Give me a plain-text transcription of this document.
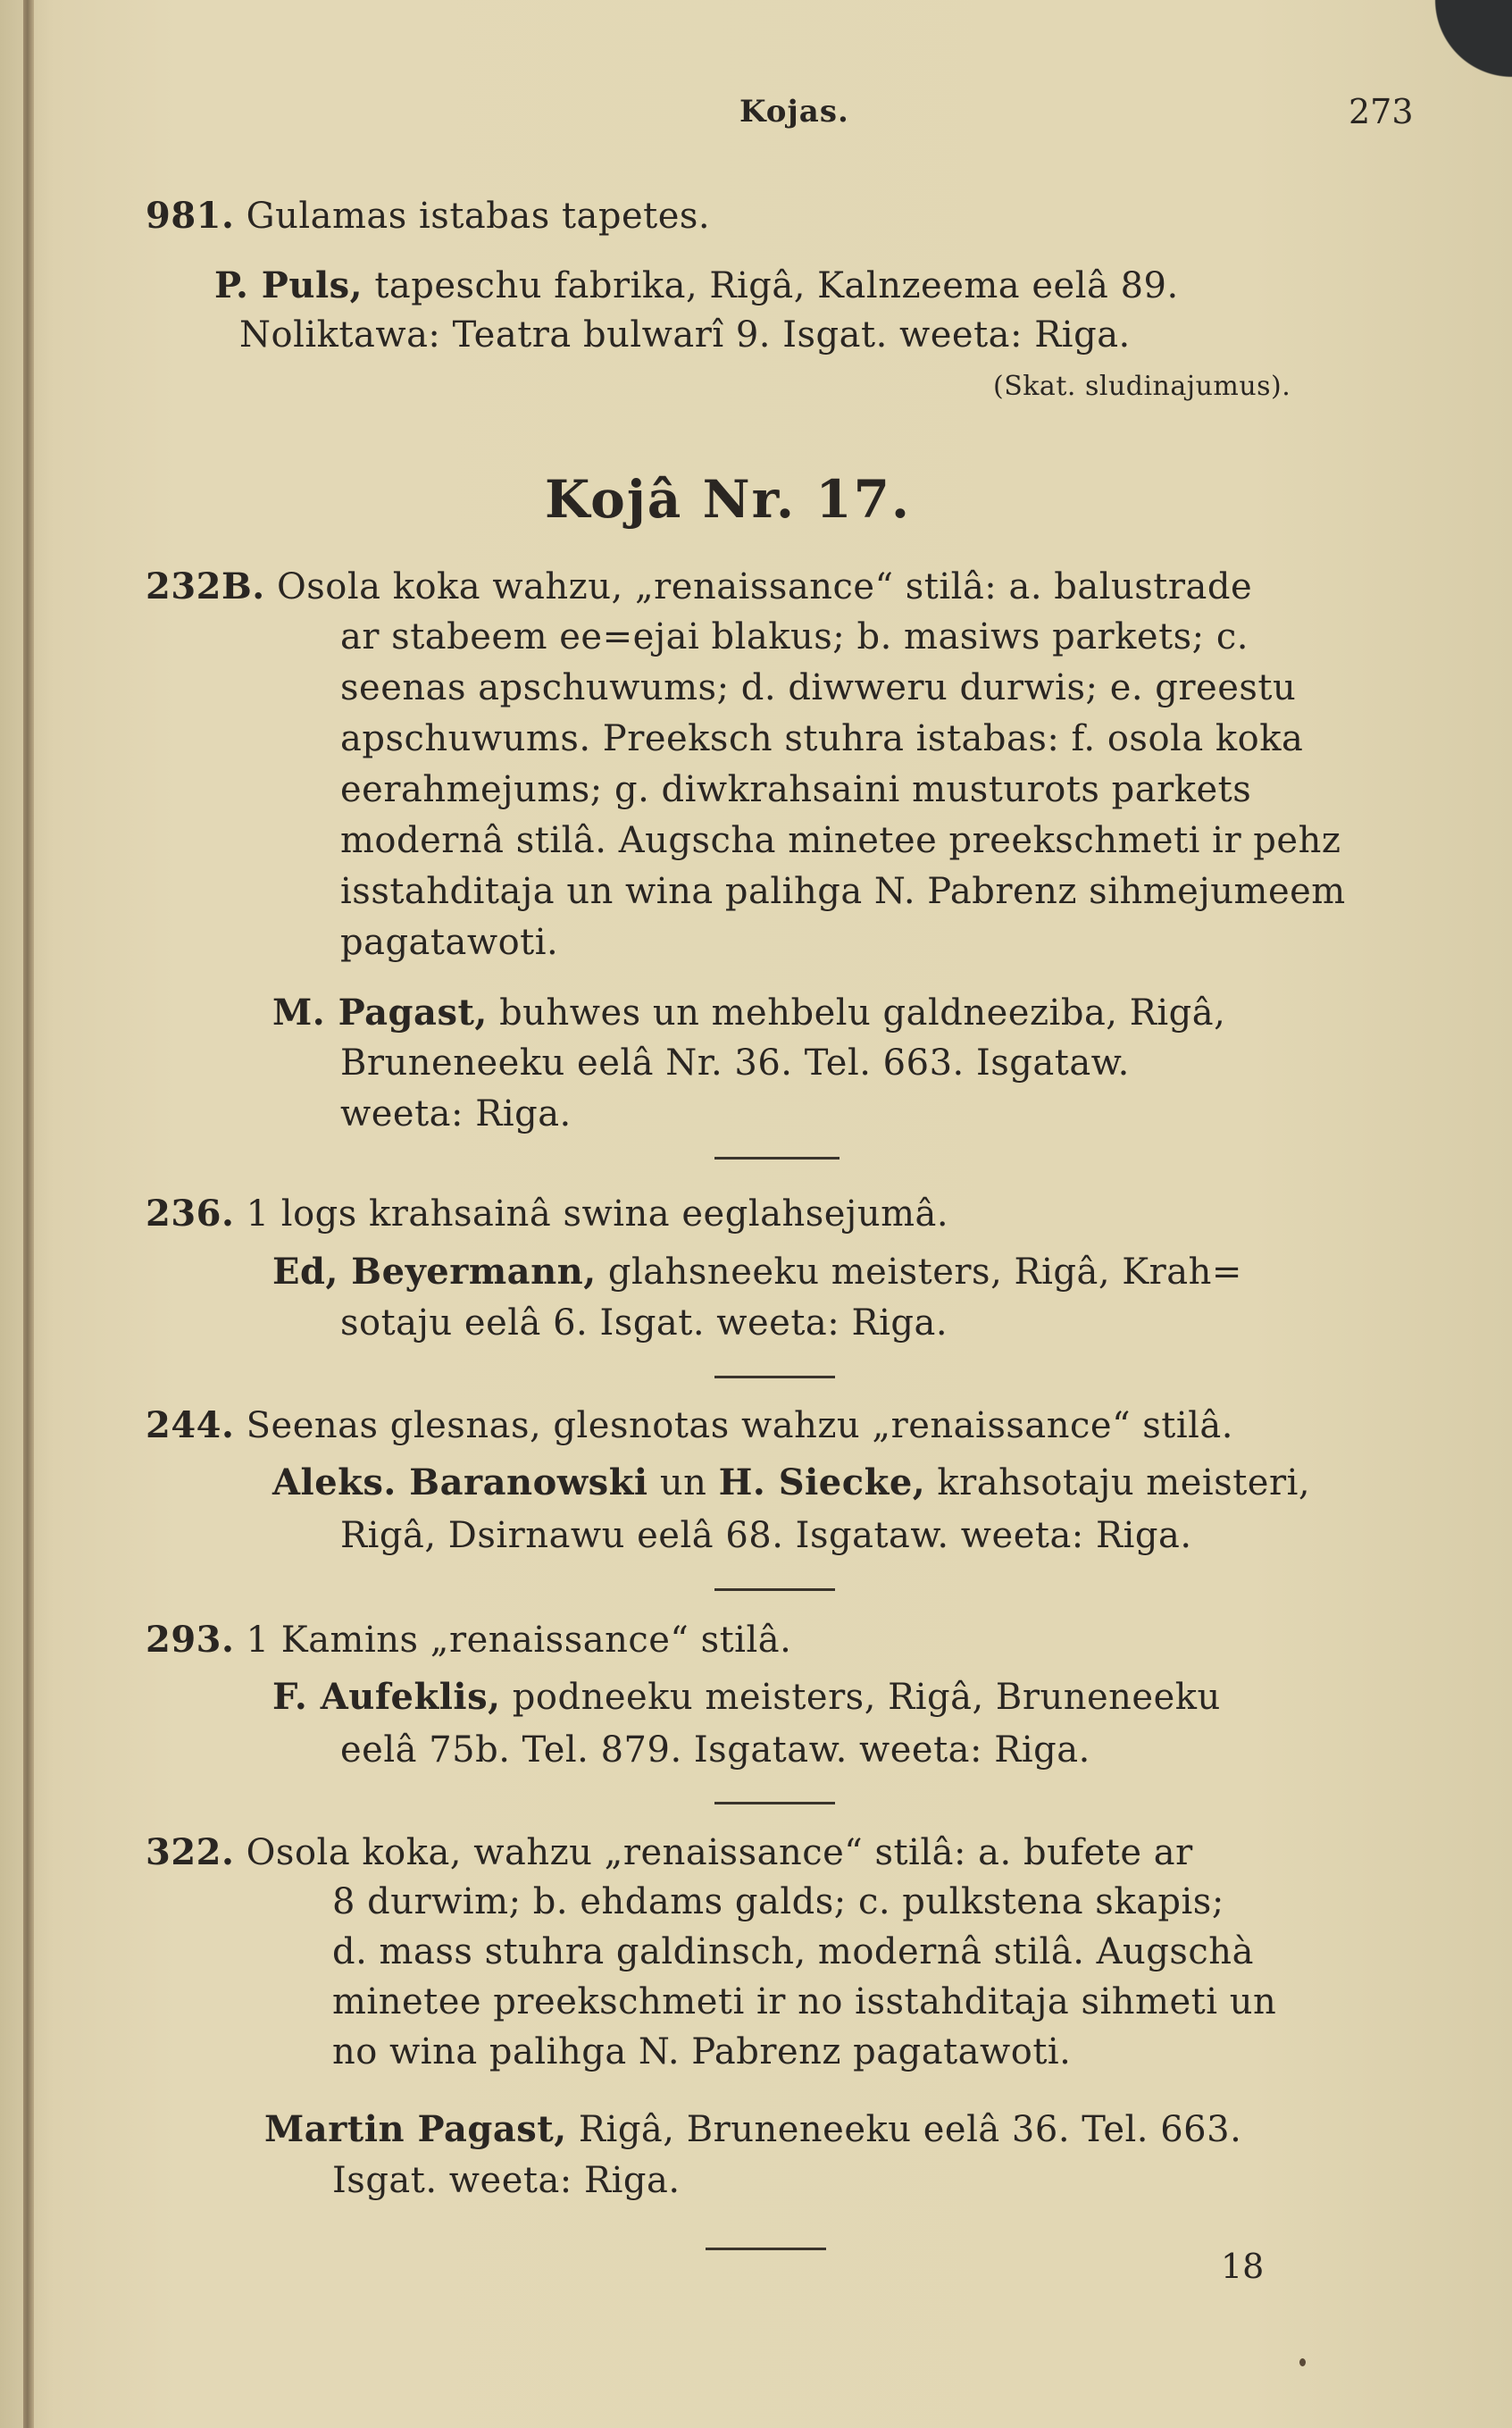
Kojas.	273
981. Gulamas istabas tapetes.
P. Puls, tapeschu fabrika, Rigâ, Kalnzeema eelâ 89.
Noliktawa: Teatra bulwarî 9. Isgat. weeta: Riga.
(Skat. sludinajumus).
Kojâ Nr. 17.
232B. Osola koka wahzu, „renaissance“ stilâ: a. balustrade
ar stabeem ee=ejai blakus; b. masiws parkets; c.
seenas apschuwums; d. diwweru durwis; e. greestu
apschuwums. Preeksch stuhra istabas: f. osola koka
eerahmejums; g. diwkrahsaini musturots parkets
modernâ stilâ. Augscha minetee preekschmeti ir pehz
isstahditaja un wina palihga N. Pabrenz sihmejumeem
pagatawoti.
M. Pagast, buhwes un mehbelu galdneeziba, Rigâ,
Bruneneeku eelâ Nr. 36. Tel. 663. Isgataw.
weeta: Riga.
236. 1 logs krahsainâ swina eeglahsejumâ.
Ed, Beyermann, glahsneeku meisters, Rigâ, Krah=
sotaju eelâ 6. Isgat. weeta: Riga.
244. Seenas glesnas, glesnotas wahzu „renaissance“ stilâ.
Aleks. Baranowski un H. Siecke, krahsotaju meisteri,
Rigâ, Dsirnawu eelâ 68. Isgataw. weeta: Riga.
293. 1 Kamins „renaissance“ stilâ.
F. Aufeklis, podneeku meisters, Rigâ, Bruneneeku
eelâ 75b. Tel. 879. Isgataw. weeta: Riga.
322. Osola koka, wahzu „renaissance“ stilâ: a. bufete ar
8 durwim; b. ehdams galds; c. pulkstena skapis;
d. mass stuhra galdinsch, modernâ stilâ. Augschà
minetee preekschmeti ir no isstahditaja sihmeti un
no wina palihga N. Pabrenz pagatawoti.
Martin Pagast, Rigâ, Bruneneeku eelâ 36. Tel. 663.
Isgat. weeta: Riga.
18
